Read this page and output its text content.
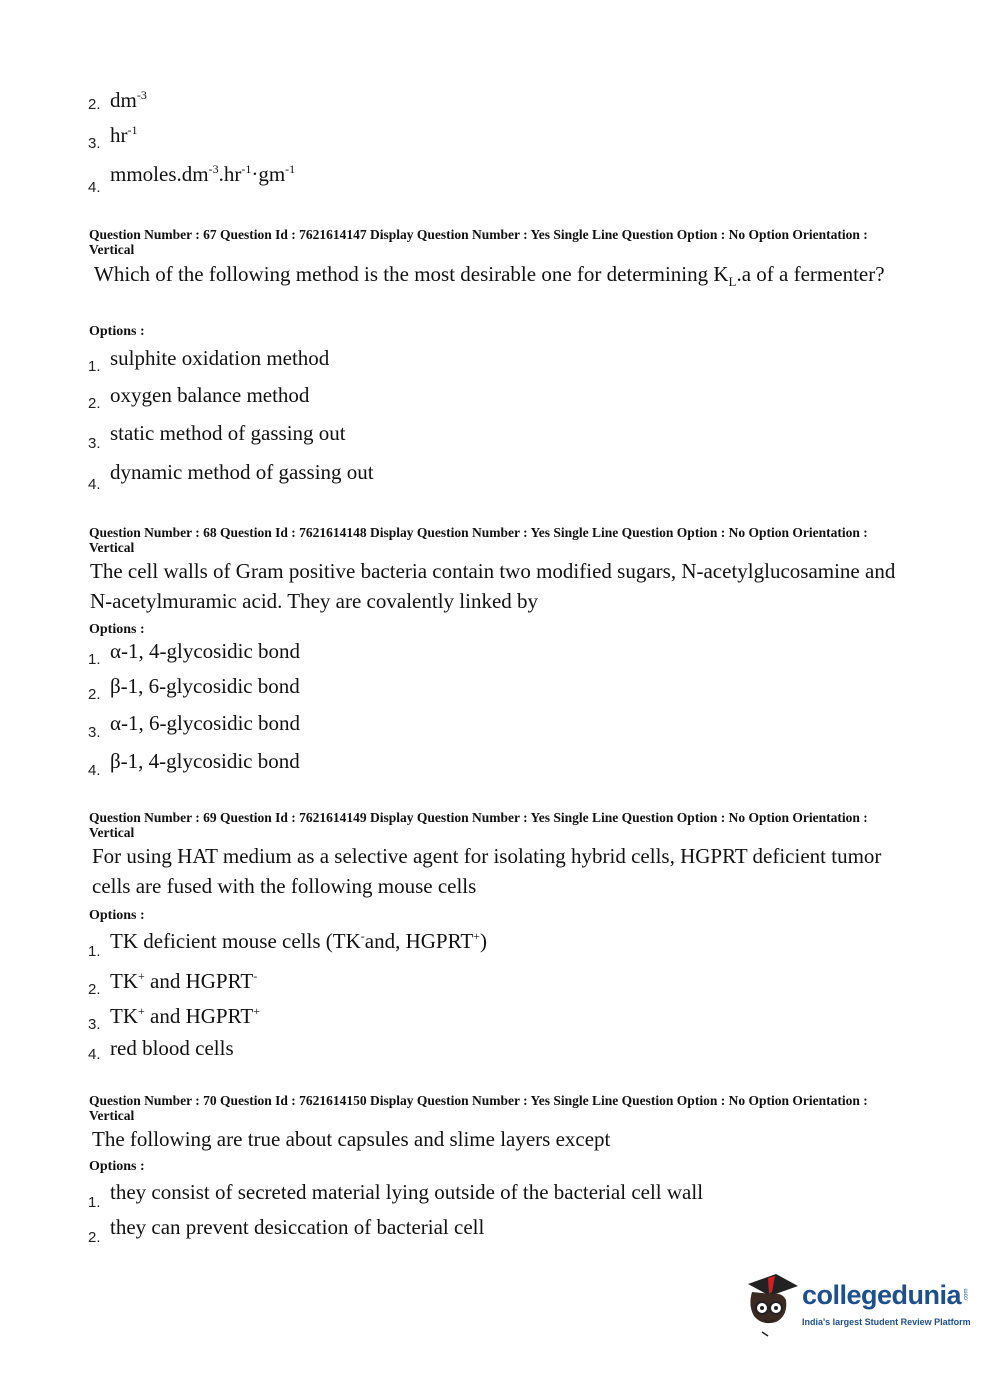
2. $dm^{-3}$
3. $hr^{-1}$
4.
$mmoles.dm^{-3}.hr^{-1}\cdot gm^{-1}$
Question Number : 67 Question Id : 7621614147 Display Question Number : Yes Single Line Question Option : No Option Orientation : Vertical
Which of the following method is the most desirable one for determining $K_L.a$ of a fermenter?
Options :
1. sulphite oxidation method
2. oxygen balance method
3. static method of gassing out
4.
dynamic method of gassing out
Question Number : 68 Question Id : 7621614148 Display Question Number : Yes Single Line Question Option : No Option Orientation : Vertical
The cell walls of Gram positive bacteria contain two modified sugars, N-acetylglucosamine and N-acetylmuramic acid. They are covalently linked by
Options :
1. α-1, 4-glycosidic bond
2. β-1, 6-glycosidic bond
3. α-1, 6-glycosidic bond
4. β-1, 4-glycosidic bond
Question Number : 69 Question Id : 7621614149 Display Question Number : Yes Single Line Question Option : No Option Orientation : Vertical
For using HAT medium as a selective agent for isolating hybrid cells, HGPRT deficient tumor cells are fused with the following mouse cells
Options :
1. TK deficient mouse cells (TK-and, HGPRT+)
2. TK+ and HGPRT-
3. TK+ and HGPRT+
4. red blood cells
Question Number : 70 Question Id : 7621614150 Display Question Number : Yes Single Line Question Option : No Option Orientation : Vertical
The following are true about capsules and slime layers except
Options :
1. they consist of secreted material lying outside of the bacterial cell wall
2. they can prevent desiccation of bacterial cell
collegedunia .com
India's largest Student Review Platform
